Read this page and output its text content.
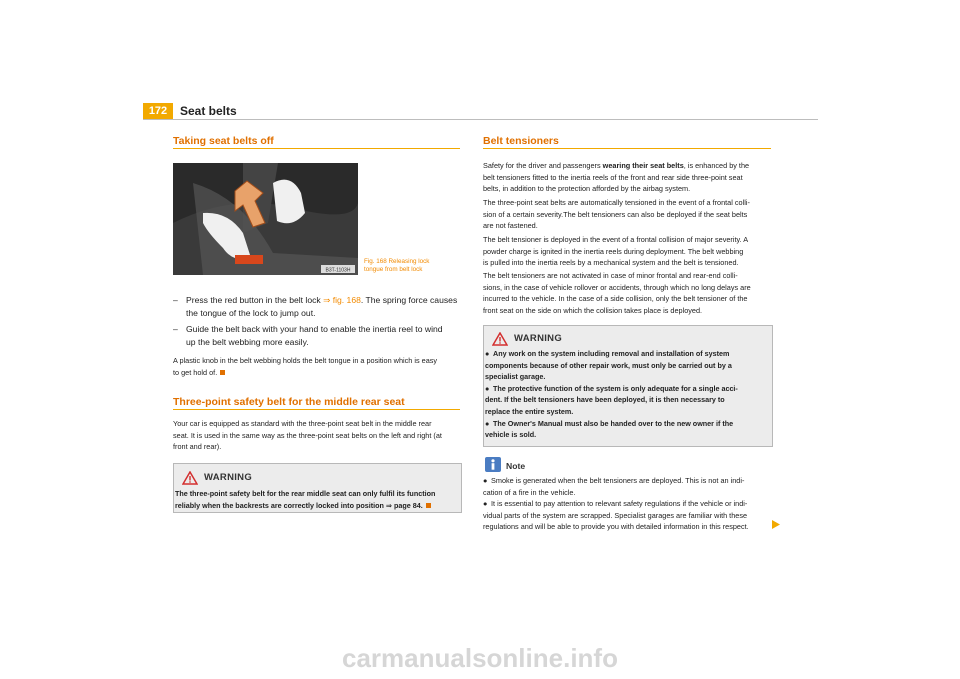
172	Seat belts
Taking seat belts off
B3T-1103H
Fig. 168 Releasing lock
tongue from belt lock
– Press the red button in the belt lock ⇒ fig. 168. The spring force causes
the tongue of the lock to jump out.
– Guide the belt back with your hand to enable the inertia reel to wind
up the belt webbing more easily.
A plastic knob in the belt webbing holds the belt tongue in a position which is easy
to get hold of.
Three-point safety belt for the middle rear seat
Your car is equipped as standard with the three-point seat belt in the middle rear
seat. It is used in the same way as the three-point seat belts on the left and right (at
front and rear).
WARNING
The three-point safety belt for the rear middle seat can only fulfil its function
reliably when the backrests are correctly locked into position ⇒ page 84.
Belt tensioners
Safety for the driver and passengers wearing their seat belts, is enhanced by the
belt tensioners fitted to the inertia reels of the front and rear side three-point seat
belts, in addition to the protection afforded by the airbag system.
The three-point seat belts are automatically tensioned in the event of a frontal colli-
sion of a certain severity.The belt tensioners can also be deployed if the seat belts
are not fastened.
The belt tensioner is deployed in the event of a frontal collision of major severity. A
powder charge is ignited in the inertia reels during deployment. The belt webbing
is pulled into the inertia reels by a mechanical system and the belt is tensioned.
The belt tensioners are not activated in case of minor frontal and rear-end colli-
sions, in the case of vehicle rollover or accidents, through which no long delays are
incurred to the vehicle. In the case of a side collision, only the belt tensioner of the
front seat on the side on which the collision takes place is deployed.
WARNING
● Any work on the system including removal and installation of system
components because of other repair work, must only be carried out by a
specialist garage.
● The protective function of the system is only adequate for a single acci-
dent. If the belt tensioners have been deployed, it is then necessary to
replace the entire system.
● The Owner's Manual must also be handed over to the new owner if the
vehicle is sold.
Note
● Smoke is generated when the belt tensioners are deployed. This is not an indi-
cation of a fire in the vehicle.
● It is essential to pay attention to relevant safety regulations if the vehicle or indi-
vidual parts of the system are scrapped. Specialist garages are familiar with these
regulations and will be able to provide you with detailed information in this respect.
carmanualsonline.info
